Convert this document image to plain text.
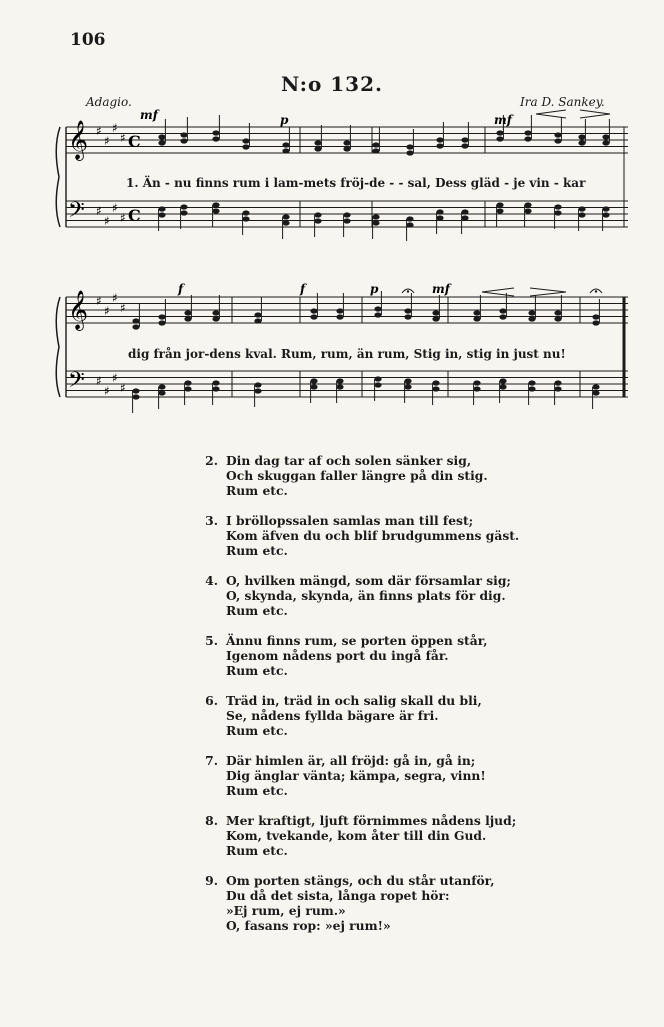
106
N:o 132.
Adagio.	Ira D. Sankey.
𝄞
𝄢
♯
♯
♯
♯
♯
♯
♯
♯
C
C
𝄞
𝄢
♯
♯
♯
♯
♯
♯
♯
♯
mf	p	mf
f	f	p	mf
1. Än - nu finns rum i lam-mets fröj-de - - sal, Dess gläd - je vin - kar
dig från jor-dens kval. Rum, rum, än rum, Stig in, stig in just nu!
2. Din dag tar af och solen sänker sig,
Och skuggan faller längre på din stig.
Rum etc.
3. I bröllopssalen samlas man till fest;
Kom äfven du och blif brudgummens gäst.
Rum etc.
4. O, hvilken mängd, som där församlar sig;
O, skynda, skynda, än finns plats för dig.
Rum etc.
5. Ännu finns rum, se porten öppen står,
Igenom nådens port du ingå får.
Rum etc.
6. Träd in, träd in och salig skall du bli,
Se, nådens fyllda bägare är fri.
Rum etc.
7. Där himlen är, all fröjd: gå in, gå in;
Dig änglar vänta; kämpa, segra, vinn!
Rum etc.
8. Mer kraftigt, ljuft förnimmes nådens ljud;
Kom, tvekande, kom åter till din Gud.
Rum etc.
9. Om porten stängs, och du står utanför,
Du då det sista, långa ropet hör:
»Ej rum, ej rum.»
O, fasans rop: »ej rum!»
